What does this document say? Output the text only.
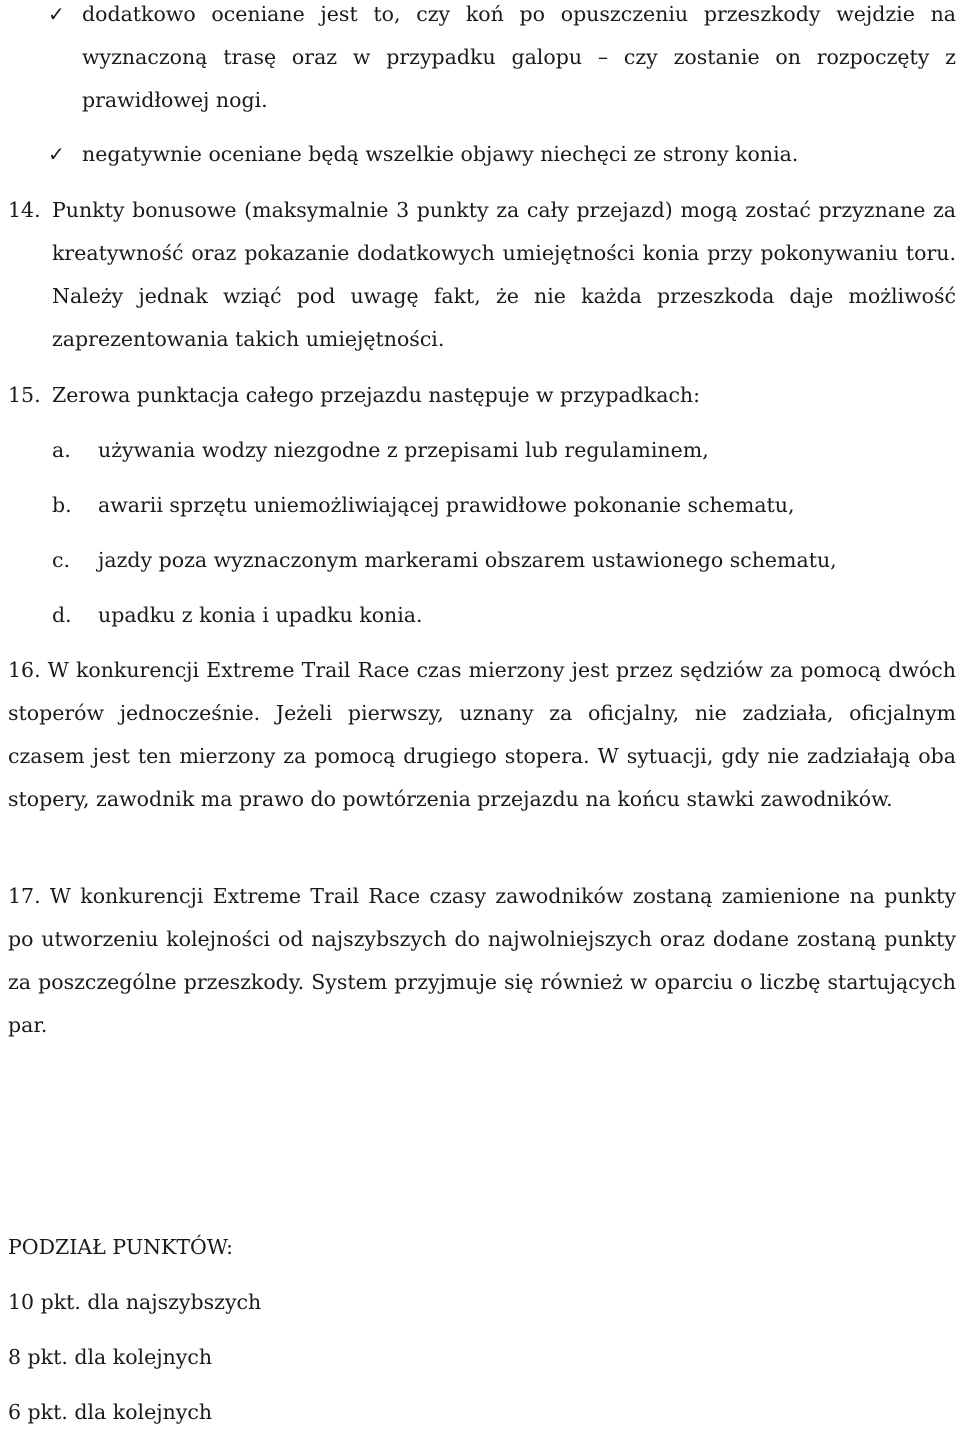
✓ dodatkowo oceniane jest to, czy koń po opuszczeniu przeszkody wejdzie na wyznaczoną trasę oraz w przypadku galopu – czy zostanie on rozpoczęty z prawidłowej nogi.
✓ negatywnie oceniane będą wszelkie objawy niechęci ze strony konia.
14. Punkty bonusowe (maksymalnie 3 punkty za cały przejazd) mogą zostać przyznane za kreatywność oraz pokazanie dodatkowych umiejętności konia przy pokonywaniu toru. Należy jednak wziąć pod uwagę fakt, że nie każda przeszkoda daje możliwość zaprezentowania takich umiejętności.
15. Zerowa punktacja całego przejazdu następuje w przypadkach:
a. używania wodzy niezgodne z przepisami lub regulaminem,
b. awarii sprzętu uniemożliwiającej prawidłowe pokonanie schematu,
c. jazdy poza wyznaczonym markerami obszarem ustawionego schematu,
d. upadku z konia i upadku konia.
16. W konkurencji Extreme Trail Race czas mierzony jest przez sędziów za pomocą dwóch stoperów jednocześnie. Jeżeli pierwszy, uznany za oficjalny, nie zadziała, oficjalnym czasem jest ten mierzony za pomocą drugiego stopera. W sytuacji, gdy nie zadziałają oba stopery, zawodnik ma prawo do powtórzenia przejazdu na końcu stawki zawodników.
17. W konkurencji Extreme Trail Race czasy zawodników zostaną zamienione na punkty po utworzeniu kolejności od najszybszych do najwolniejszych oraz dodane zostaną punkty za poszczególne przeszkody. System przyjmuje się również w oparciu o liczbę startujących par.
PODZIAŁ PUNKTÓW:
10 pkt. dla najszybszych
8 pkt. dla kolejnych
6 pkt. dla kolejnych
